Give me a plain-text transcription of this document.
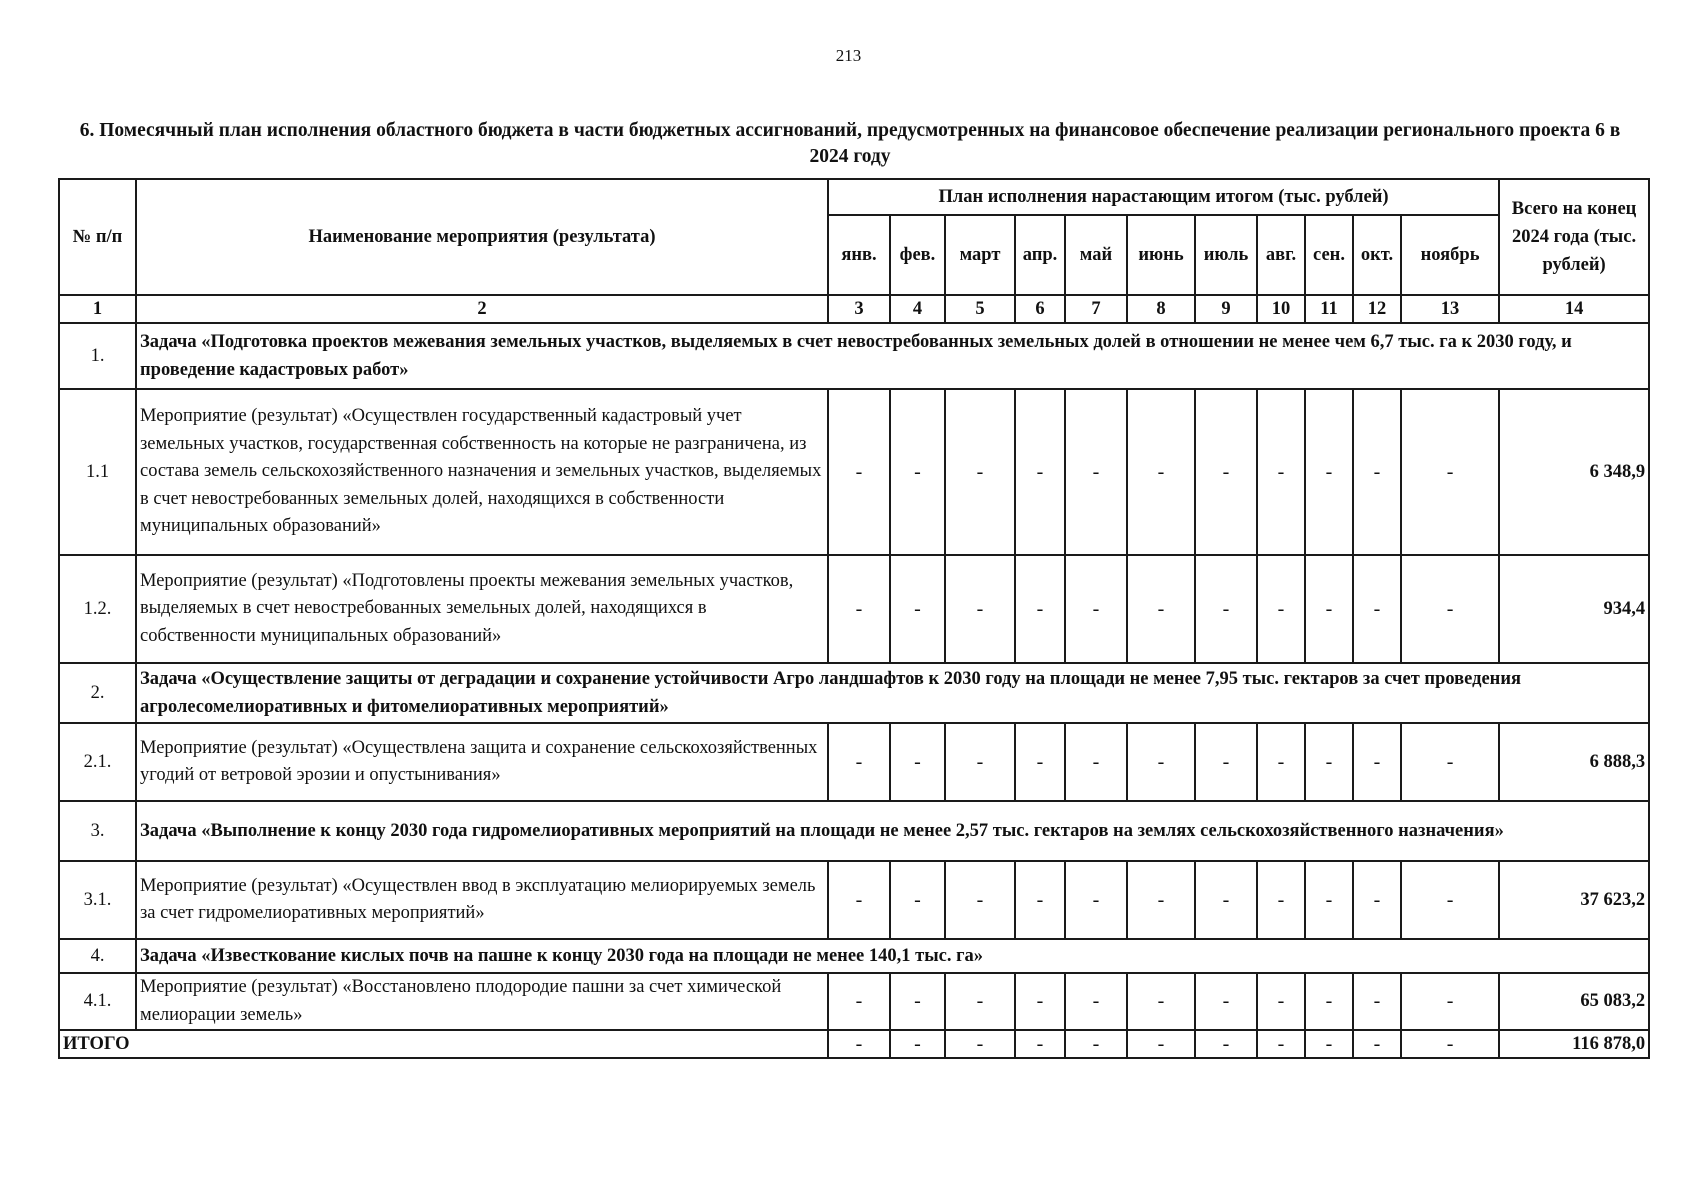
213
6. Помесячный план исполнения областного бюджета в части бюджетных ассигнований, предусмотренных на финансовое обеспечение реализации регионального проекта 6 в 2024 году
№ п/п	Наименование мероприятия (результата)	План исполнения нарастающим итогом (тыс. рублей)											Всего на конец 2024 года (тыс. рублей)
		янв.	фев.	март	апр.	май	июнь	июль	авг.	сен.	окт.	ноябрь	
1	2	3	4	5	6	7	8	9	10	11	12	13	14
1.	Задача «Подготовка проектов межевания земельных участков, выделяемых в счет невостребованных земельных долей в отношении не менее чем 6,7 тыс. га к 2030 году, и проведение кадастровых работ»												
1.1	Мероприятие (результат) «Осуществлен государственный кадастровый учет земельных участков, государственная собственность на которые не разграничена, из состава земель сельскохозяйственного назначения и земельных участков, выделяемых в счет невостребованных земельных долей, находящихся в собственности муниципальных образований»	-	-	-	-	-	-	-	-	-	-	-	6 348,9
1.2.	Мероприятие (результат) «Подготовлены проекты межевания земельных участков, выделяемых в счет невостребованных земельных долей, находящихся в собственности муниципальных образований»	-	-	-	-	-	-	-	-	-	-	-	934,4
2.	Задача «Осуществление защиты от деградации и сохранение устойчивости Агро ландшафтов к 2030 году на площади не менее 7,95 тыс. гектаров за счет проведения агролесомелиоративных и фитомелиоративных мероприятий»												
2.1.	Мероприятие (результат) «Осуществлена защита и сохранение сельскохозяйственных угодий от ветровой эрозии и опустынивания»	-	-	-	-	-	-	-	-	-	-	-	6 888,3
3.	Задача «Выполнение к концу 2030 года гидромелиоративных мероприятий на площади не менее 2,57 тыс. гектаров на землях сельскохозяйственного назначения»												
3.1.	Мероприятие (результат) «Осуществлен ввод в эксплуатацию мелиорируемых земель за счет гидромелиоративных мероприятий»	-	-	-	-	-	-	-	-	-	-	-	37 623,2
4.	Задача «Известкование кислых почв на пашне к концу 2030 года на площади не менее 140,1 тыс. га»												
4.1.	Мероприятие (результат) «Восстановлено плодородие пашни за счет химической мелиорации земель»	-	-	-	-	-	-	-	-	-	-	-	65 083,2
ИТОГО		-	-	-	-	-	-	-	-	-	-	-	116 878,0
